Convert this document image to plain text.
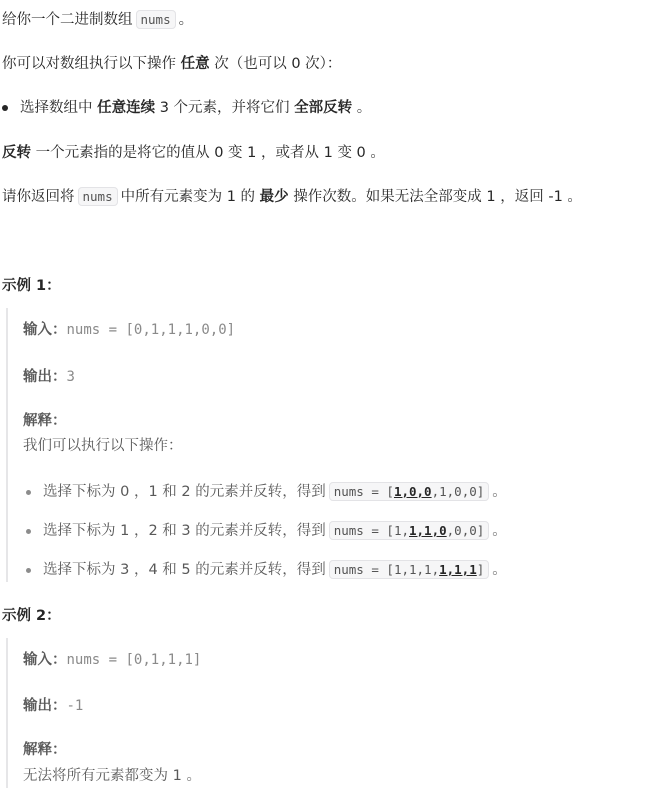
给你一个二进制数组 nums 。
你可以对数组执行以下操作 任意 次（也可以 0 次）：
选择数组中 任意连续 3 个元素，并将它们 全部反转 。
反转 一个元素指的是将它的值从 0 变 1 ，或者从 1 变 0 。
请你返回将 nums 中所有元素变为 1 的 最少 操作次数。如果无法全部变成 1 ，返回 -1 。
示例 1：
输入：nums = [0,1,1,1,0,0]
输出：3
解释：
我们可以执行以下操作：
选择下标为 0 ，1 和 2 的元素并反转，得到 nums = [1,0,0,1,0,0] 。
选择下标为 1 ，2 和 3 的元素并反转，得到 nums = [1,1,1,0,0,0] 。
选择下标为 3 ，4 和 5 的元素并反转，得到 nums = [1,1,1,1,1,1] 。
示例 2：
输入：nums = [0,1,1,1]
输出：-1
解释：
无法将所有元素都变为 1 。
